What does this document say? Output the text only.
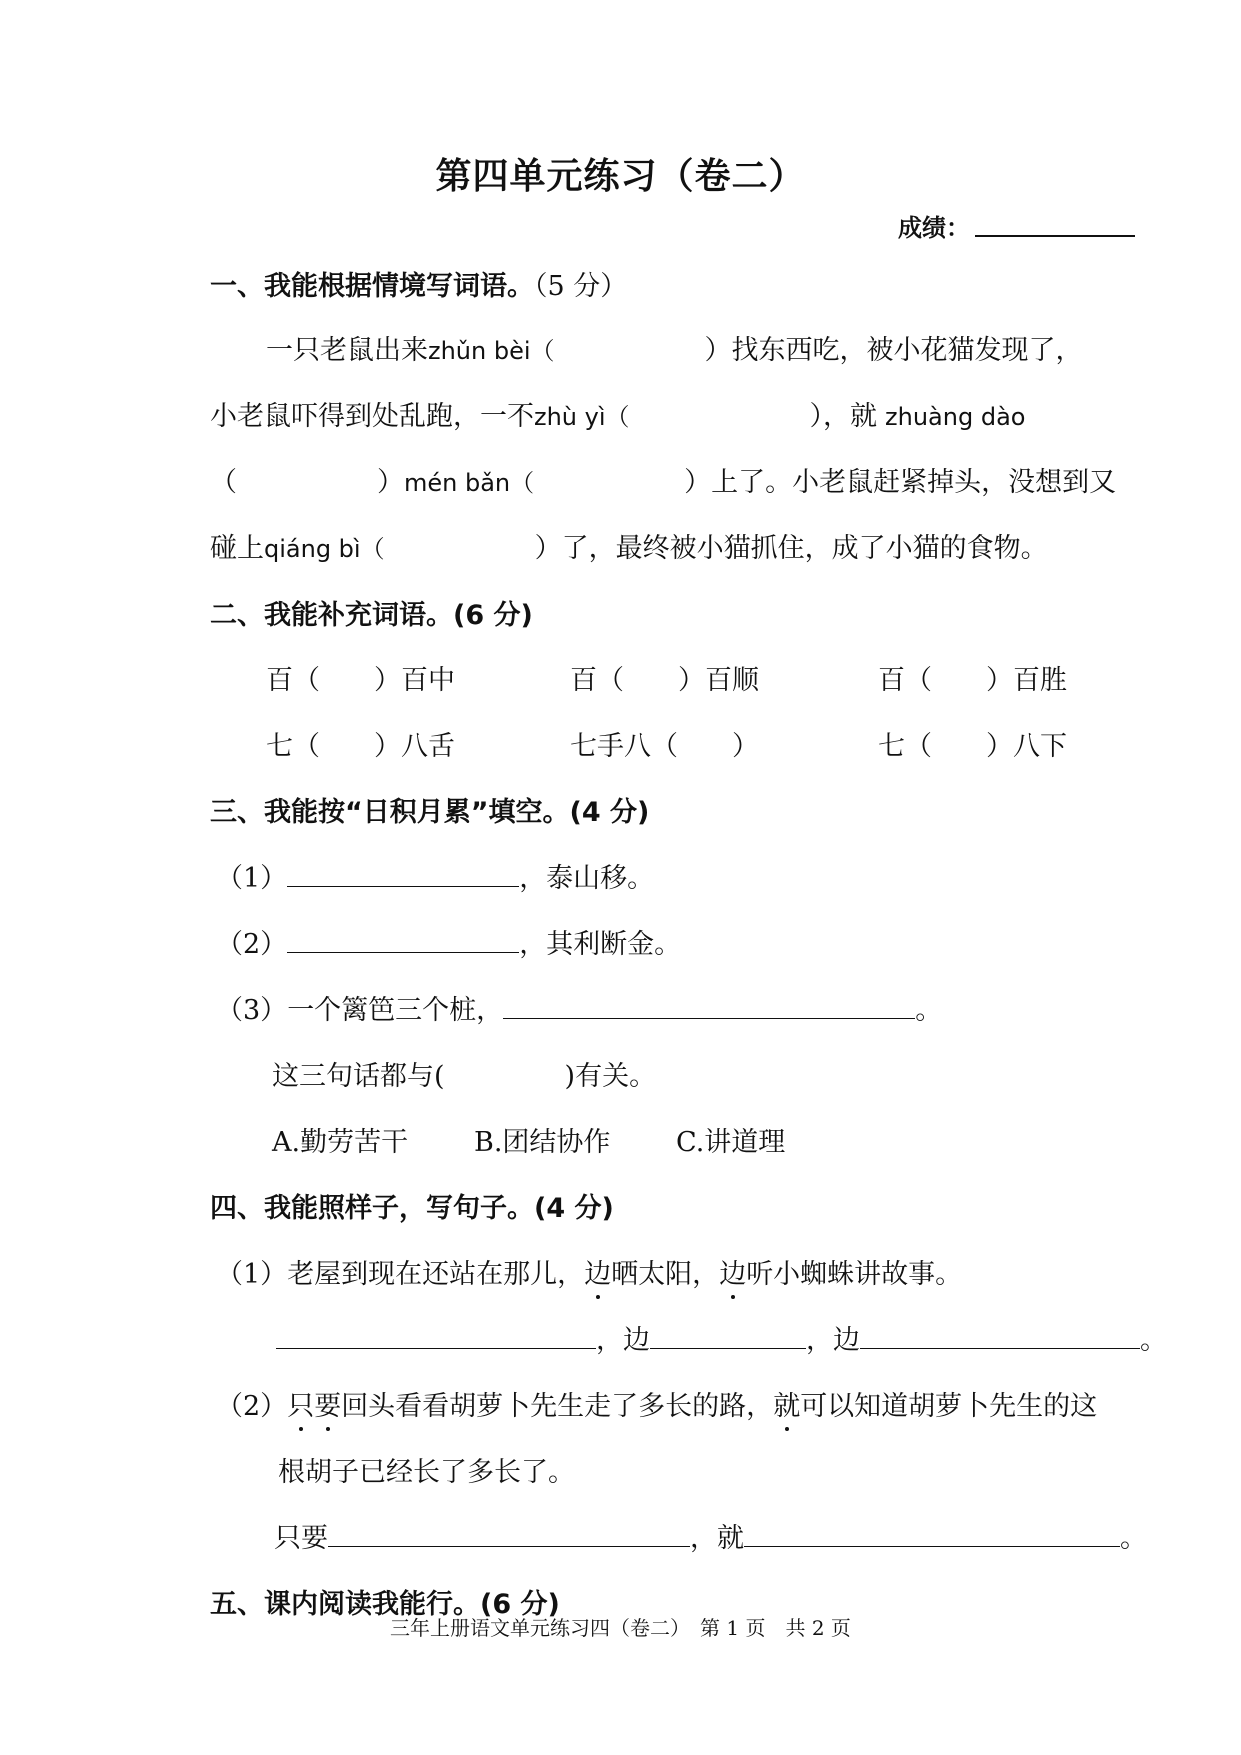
第四单元练习（卷二）
成绩：
一、我能根据情境写词语。（5 分）
一只老鼠出来zhǔn bèi（	）找东西吃，被小花猫发现了，
小老鼠吓得到处乱跑，一不zhù yì（	），就 zhuàng dào
（	）mén bǎn（	）上了。小老鼠赶紧掉头，没想到又
碰上qiáng bì（	）了，最终被小猫抓住，成了小猫的食物。
二、我能补充词语。(6 分)
百（　　）百中	百（　　）百顺	百（　　）百胜
七（　　）八舌	七手八（　　）	七（　　）八下
三、我能按“日积月累”填空。(4 分)
（1）	，泰山移。
（2）	，其利断金。
（3）一个篱笆三个桩，	。
这三句话都与(	)有关。
A.勤劳苦干 B.团结协作 C.讲道理
四、我能照样子，写句子。(4 分)
（1）老屋到现在还站在那儿，边晒太阳，边听小蜘蛛讲故事。
，边	，边	。
（2）只要回头看看胡萝卜先生走了多长的路，就可以知道胡萝卜先生的这
根胡子已经长了多长了。
只要	，就	。
五、课内阅读我能行。(6 分)
三年上册语文单元练习四（卷二）　第 1 页　共 2 页
